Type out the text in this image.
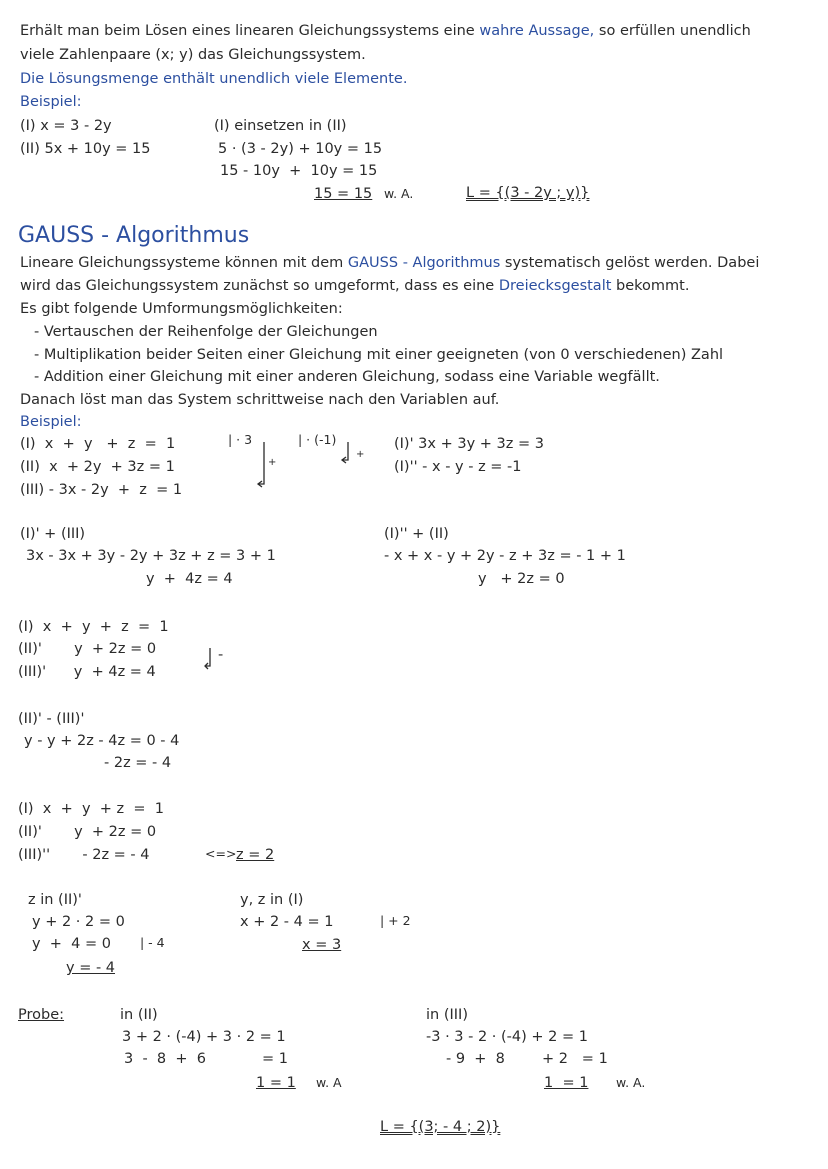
Erhält man beim Lösen eines linearen Gleichungssystems eine wahre Aussage, so erfüllen unendlich
viele Zahlenpaare (x; y) das Gleichungssystem.
Die Lösungsmenge enthält unendlich viele Elemente.
Beispiel:
(I) x = 3 - 2y
(II) 5x + 10y = 15
(I) einsetzen in (II)
5 · (3 - 2y) + 10y = 15
15 - 10y  +  10y = 15
15 = 15 w. A.	L = {(3 - 2y ; y)}
GAUSS - Algorithmus
Lineare Gleichungssysteme können mit dem GAUSS - Algorithmus systematisch gelöst werden. Dabei
wird das Gleichungssystem zunächst so umgeformt, dass es eine Dreiecksgestalt bekommt.
Es gibt folgende Umformungsmöglichkeiten:
- Vertauschen der Reihenfolge der Gleichungen
- Multiplikation beider Seiten einer Gleichung mit einer geeigneten (von 0 verschiedenen) Zahl
- Addition einer Gleichung mit einer anderen Gleichung, sodass eine Variable wegfällt.
Danach löst man das System schrittweise nach den Variablen auf.
Beispiel:
(I)  x  +  y   +  z  =  1
(II)  x  + 2y  + 3z = 1
(III) - 3x - 2y  +  z  = 1
| · 3	| · (-1)
+
+
(I)' 3x + 3y + 3z = 3
(I)'' - x - y - z = -1
(I)' + (III)
3x - 3x + 3y - 2y + 3z + z = 3 + 1
y  +  4z = 4
(I)'' + (II)
- x + x - y + 2y - z + 3z = - 1 + 1
y   + 2z = 0
(I)  x  +  y  +  z  =  1
(II)'       y  + 2z = 0
(III)'      y  + 4z = 4
-
(II)' - (III)'
y - y + 2z - 4z = 0 - 4
- 2z = - 4
(I)  x  +  y  + z  =  1
(II)'       y  + 2z = 0
(III)''       - 2z = - 4	<=> z = 2
z in (II)'
y + 2 · 2 = 0
y  +  4 = 0 | - 4
y = - 4
y, z in (I)
x + 2 - 4 = 1	| + 2
x = 3
Probe:	in (II)
3 + 2 · (-4) + 3 · 2 = 1
3  -  8  +  6	= 1
1 = 1 w. A
in (III)
-3 · 3 - 2 · (-4) + 2 = 1
- 9  +  8	+ 2   = 1
1  = 1 w. A.
L = {(3; - 4 ; 2)}
